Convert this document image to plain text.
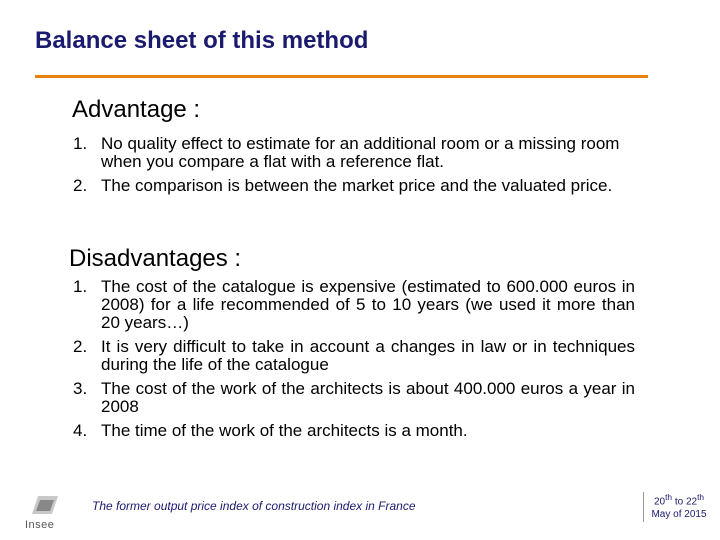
Balance sheet of this method
Advantage :
1. No quality effect to estimate for an additional room or a missing room when you compare a flat with a reference flat.
2. The comparison is between the market price and the valuated price.
Disadvantages :
1. The cost of the catalogue is expensive (estimated to 600.000 euros in 2008) for a life recommended of 5 to 10 years (we used it more than 20 years…)
2. It is very difficult to take in account a changes in law or in techniques during the life of the catalogue
3. The cost of the work of the architects is about 400.000 euros a year in 2008
4. The time of the work of the architects is a month.
Insee
The former output price index of construction index in France	20th to 22th
May of 2015
